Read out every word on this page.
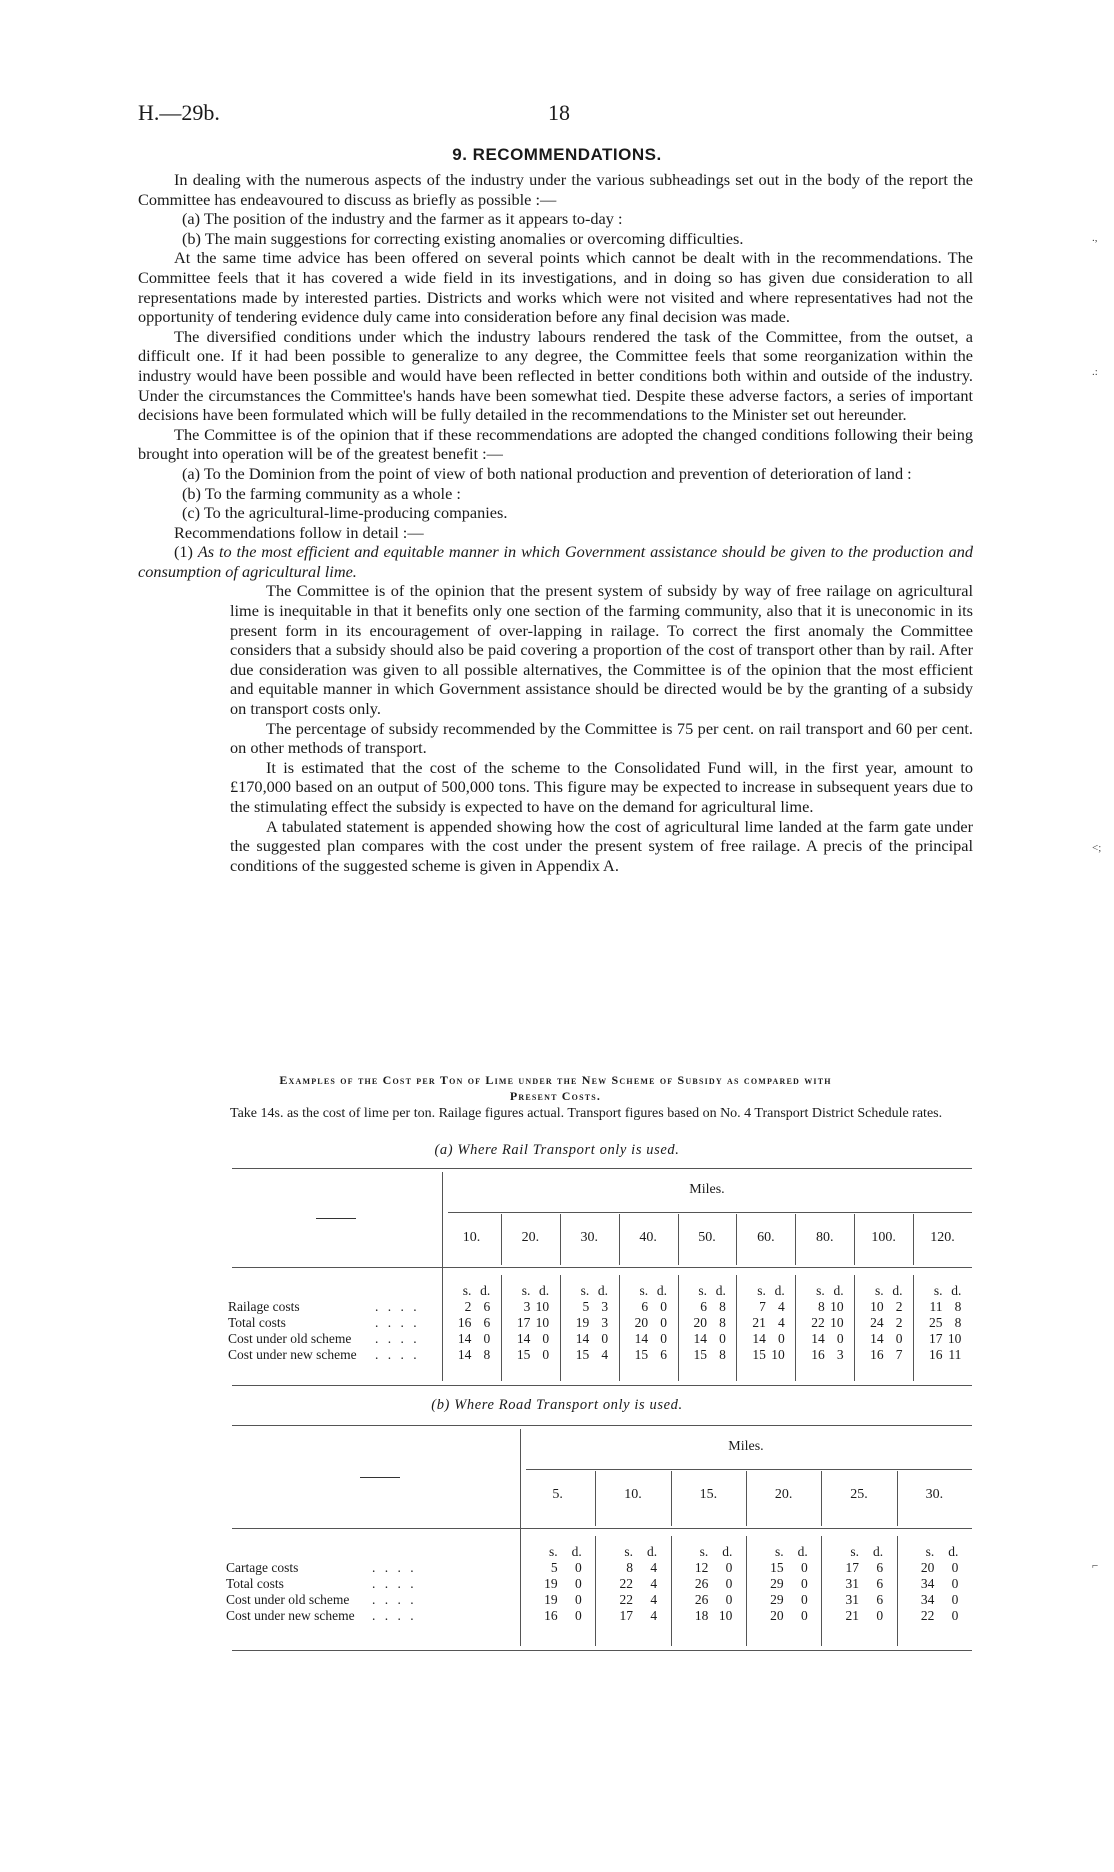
H.—29b.	18
9. RECOMMENDATIONS.

In dealing with the numerous aspects of the industry under the various subheadings set out in the body of the report the Committee has endeavoured to discuss as briefly as possible :—

(a) The position of the industry and the farmer as it appears to-day :

(b) The main suggestions for correcting existing anomalies or overcoming difficulties.

At the same time advice has been offered on several points which cannot be dealt with in the recommendations. The Committee feels that it has covered a wide field in its investigations, and in doing so has given due consideration to all representations made by interested parties. Districts and works which were not visited and where representatives had not the opportunity of tendering evidence duly came into consideration before any final decision was made.

The diversified conditions under which the industry labours rendered the task of the Committee, from the outset, a difficult one. If it had been possible to generalize to any degree, the Committee feels that some reorganization within the industry would have been possible and would have been reflected in better conditions both within and outside of the industry. Under the circumstances the Committee's hands have been somewhat tied. Despite these adverse factors, a series of important decisions have been formulated which will be fully detailed in the recommendations to the Minister set out hereunder.

The Committee is of the opinion that if these recommendations are adopted the changed conditions following their being brought into operation will be of the greatest benefit :—

(a) To the Dominion from the point of view of both national production and prevention of deterioration of land :

(b) To the farming community as a whole :

(c) To the agricultural-lime-producing companies.

Recommendations follow in detail :—

(1) As to the most efficient and equitable manner in which Government assistance should be given to the production and consumption of agricultural lime.

The Committee is of the opinion that the present system of subsidy by way of free railage on agricultural lime is inequitable in that it benefits only one section of the farming community, also that it is uneconomic in its present form in its encouragement of over-lapping in railage. To correct the first anomaly the Committee considers that a subsidy should also be paid covering a proportion of the cost of transport other than by rail. After due consideration was given to all possible alternatives, the Committee is of the opinion that the most efficient and equitable manner in which Government assistance should be directed would be by the granting of a subsidy on transport costs only.

The percentage of subsidy recommended by the Committee is 75 per cent. on rail transport and 60 per cent. on other methods of transport.

It is estimated that the cost of the scheme to the Consolidated Fund will, in the first year, amount to £170,000 based on an output of 500,000 tons. This figure may be expected to increase in subsequent years due to the stimulating effect the subsidy is expected to have on the demand for agricultural lime.

A tabulated statement is appended showing how the cost of agricultural lime landed at the farm gate under the suggested plan compares with the cost under the present system of free railage. A precis of the principal conditions of the suggested scheme is given in Appendix A.

Examples of the Cost per Ton of Lime under the New Scheme of Subsidy as compared with
Present Costs.
Take 14s. as the cost of lime per ton. Railage figures actual. Transport figures based on No. 4 Transport District Schedule rates.
(a) Where Rail Transport only is used.
Miles.
10.	20.	30.	40.	50.	60.	80.	100.	120.
s. d.	s. d.	s. d.	s. d.	s. d.	s. d.	s. d.	s. d.	s. d.
Railage costs	. . . .	2 6	3 10	5 3	6 0	6 8	7 4	8 10	10 2	11 8
Total costs	. . . .	16 6	17 10	19 3	20 0	20 8	21 4	22 10	24 2	25 8
Cost under old scheme . . . .	14 0	14 0	14 0	14 0	14 0	14 0	14 0	14 0	17 10
Cost under new scheme . . . .	14 8	15 0	15 4	15 6	15 8	15 10	16 3	16 7	16 11
(b) Where Road Transport only is used.
Miles.
5.	10.	15.	20.	25.	30.
s.	d.	s.	d.	s.	d.	s.	d.	s.	d.	s.	d.
Cartage costs	. . . .	5	0	8	4	12	0	15	0	17	6	20	0
Total costs	. . . .	19	0	22	4	26	0	29	0	31	6	34	0
Cost under old scheme . . . .	19	0	22	4	26	0	29	0	31	6	34	0
Cost under new scheme . . . .	16	0	17	4	18 10	20	0	21	0	22	0
.,
.:
<;
⌐
